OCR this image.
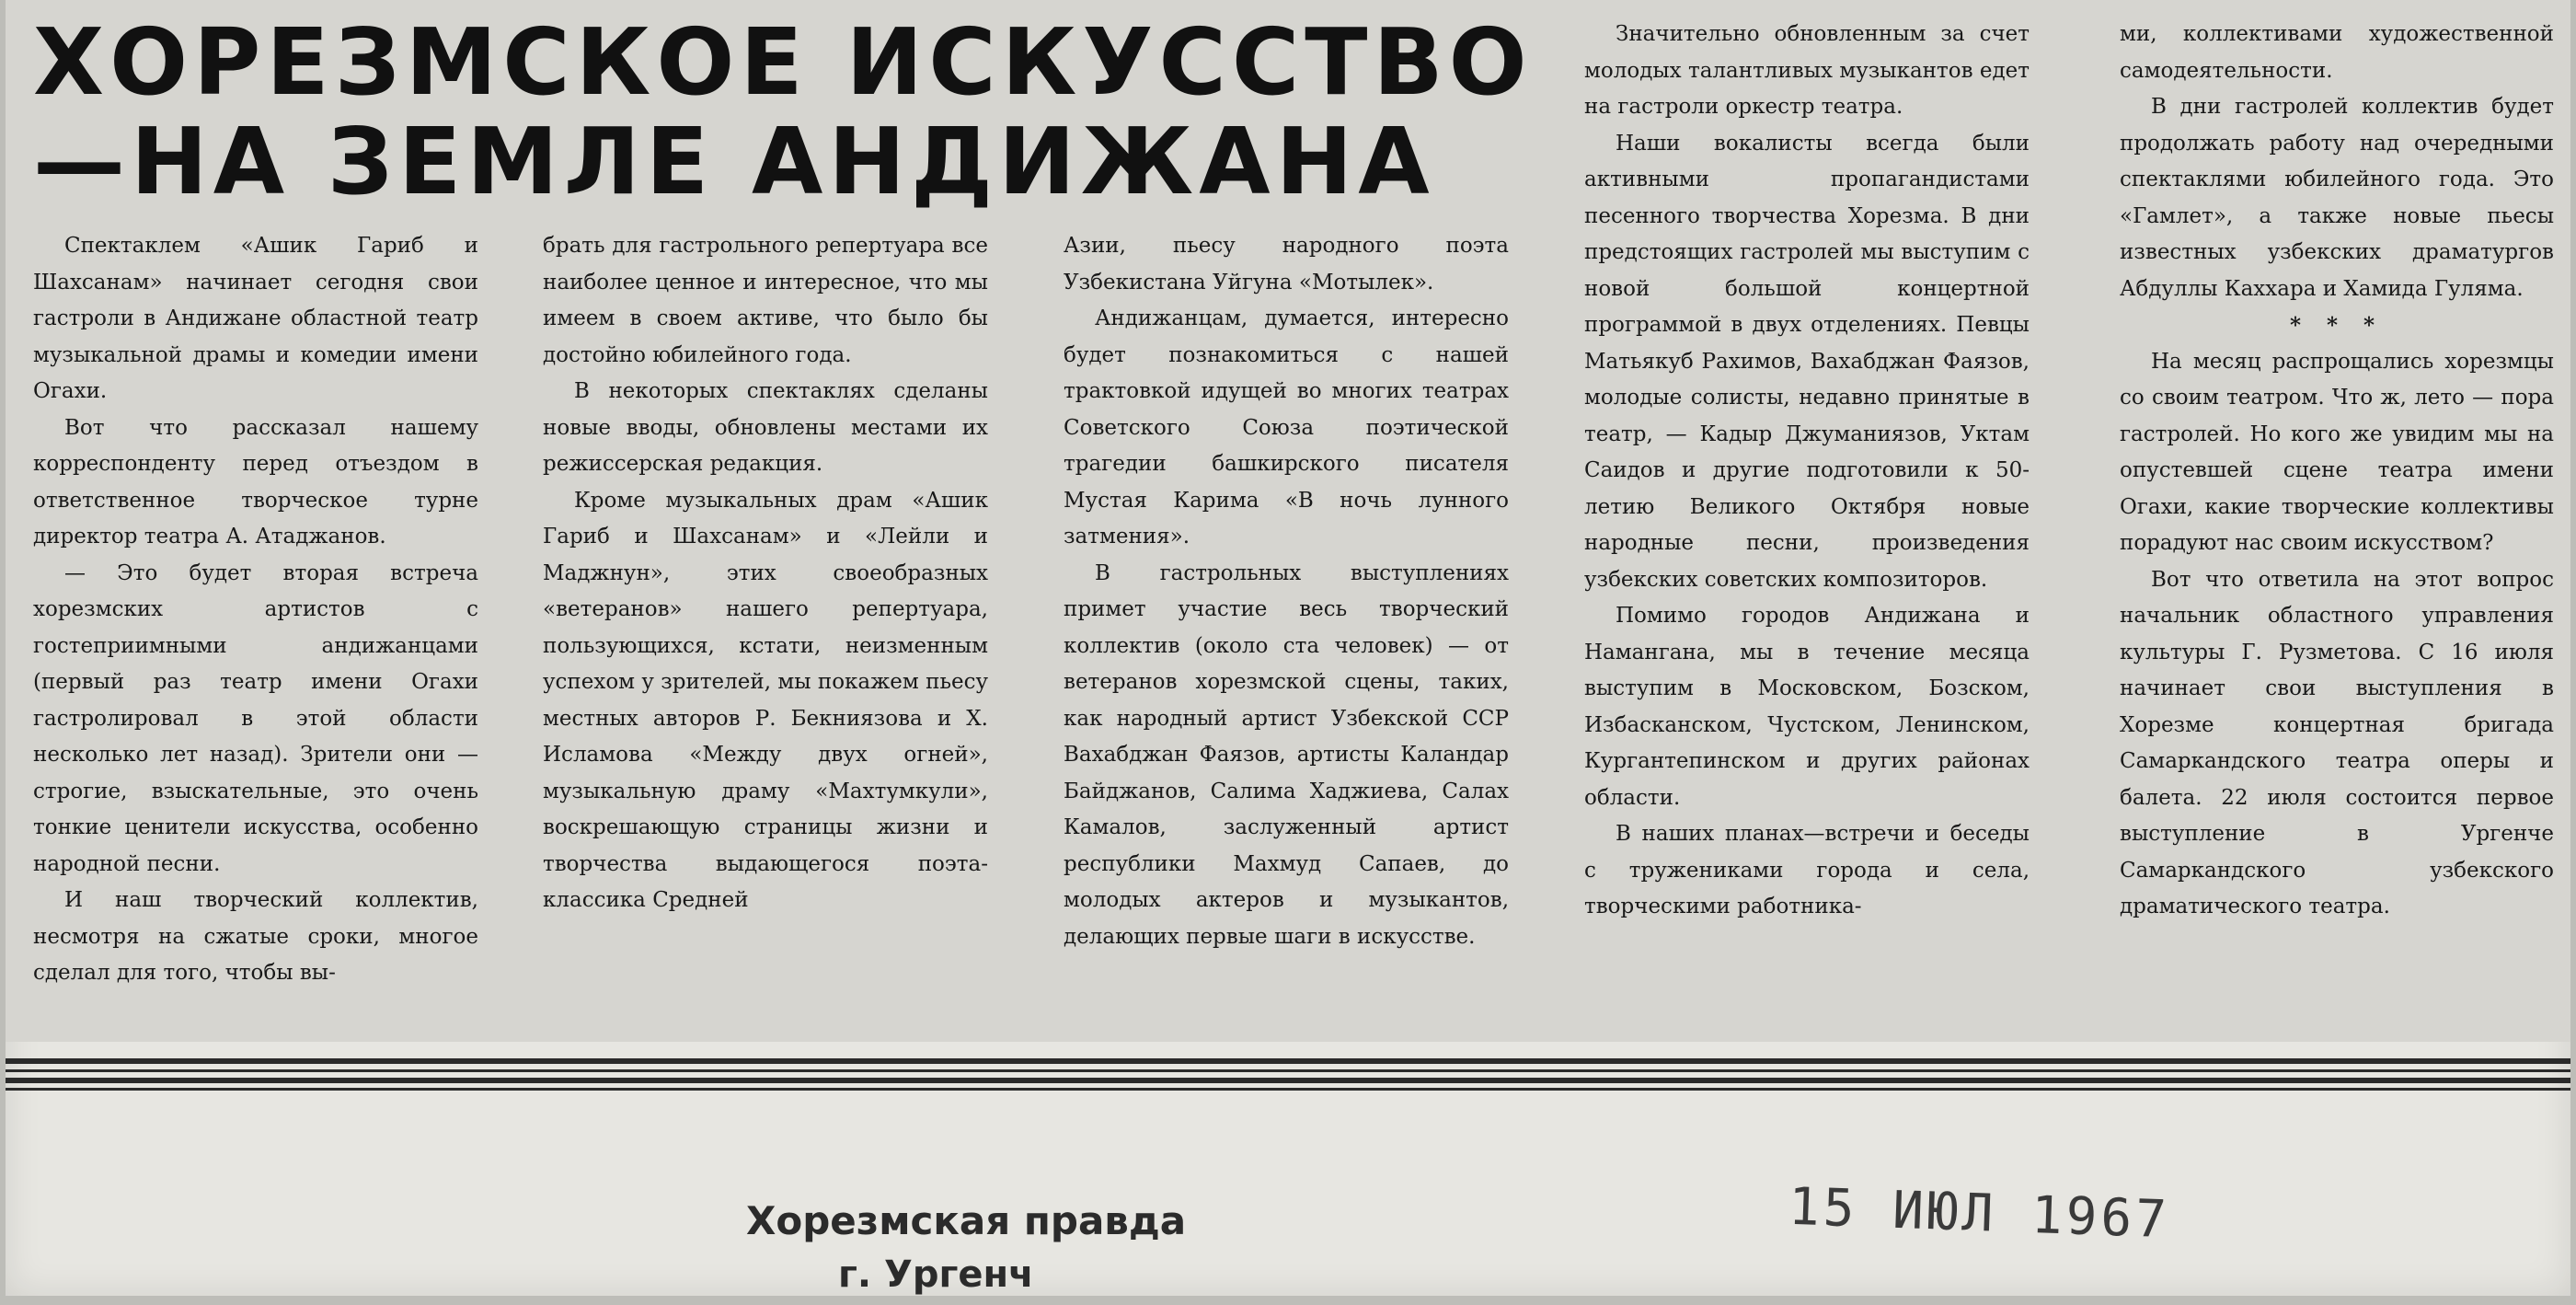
ХОРЕЗМСКОЕ ИСКУССТВО
—НА ЗЕМЛЕ АНДИЖАНА

Спектаклем «Ашик Гариб и Шахсанам» начинает сегодня свои гастроли в Андижане областной театр музыкальной драмы и комедии имени Огахи.

Вот что рассказал нашему корреспонденту перед отъездом в ответственное творческое турне директор театра А. Атаджанов.

— Это будет вторая встреча хорезмских артистов с гостеприимными андижанцами (первый раз театр имени Огахи гастролировал в этой области несколько лет назад). Зрители они — строгие, взыскательные, это очень тонкие ценители искусства, особенно народной песни.

И наш творческий коллектив, несмотря на сжатые сроки, многое сделал для того, чтобы вы-

брать для гастрольного репертуара все наиболее ценное и интересное, что мы имеем в своем активе, что было бы достойно юбилейного года.

В некоторых спектаклях сделаны новые вводы, обновлены местами их режиссерская редакция.

Кроме музыкальных драм «Ашик Гариб и Шахсанам» и «Лейли и Маджнун», этих своеобразных «ветеранов» нашего репертуара, пользующихся, кстати, неизменным успехом у зрителей, мы покажем пьесу местных авторов Р. Бекниязова и Х. Исламова «Между двух огней», музыкальную драму «Махтумкули», воскрешающую страницы жизни и творчества выдающегося поэта-классика Средней

Азии, пьесу народного поэта Узбекистана Уйгуна «Мотылек».

Андижанцам, думается, интересно будет познакомиться с нашей трактовкой идущей во многих театрах Советского Союза поэтической трагедии башкирского писателя Мустая Карима «В ночь лунного затмения».

В гастрольных выступлениях примет участие весь творческий коллектив (около ста человек) — от ветеранов хорезмской сцены, таких, как народный артист Узбекской ССР Вахабджан Фаязов, артисты Каландар Байджанов, Салима Хаджиева, Салах Камалов, заслуженный артист республики Махмуд Сапаев, до молодых актеров и музыкантов, делающих первые шаги в искусстве.

Значительно обновленным за счет молодых талантливых музыкантов едет на гастроли оркестр театра.

Наши вокалисты всегда были активными пропагандистами песенного творчества Хорезма. В дни предстоящих гастролей мы выступим с новой большой концертной программой в двух отделениях. Певцы Матьякуб Рахимов, Вахабджан Фаязов, молодые солисты, недавно принятые в театр, — Кадыр Джуманиязов, Уктам Саидов и другие подготовили к 50-летию Великого Октября новые народные песни, произведения узбекских советских композиторов.

Помимо городов Андижана и Намангана, мы в течение месяца выступим в Московском, Бозском, Избасканском, Чустском, Ленинском, Кургантепинском и других районах области.

В наших планах—встречи и беседы с тружениками города и села, творческими работника-

ми, коллективами художественной самодеятельности.

В дни гастролей коллектив будет продолжать работу над очередными спектаклями юбилейного года. Это «Гамлет», а также новые пьесы известных узбекских драматургов Абдуллы Каххара и Хамида Гуляма.

* * *

На месяц распрощались хорезмцы со своим театром. Что ж, лето — пора гастролей. Но кого же увидим мы на опустевшей сцене театра имени Огахи, какие творческие коллективы порадуют нас своим искусством?

Вот что ответила на этот вопрос начальник областного управления культуры Г. Рузметова. С 16 июля начинает свои выступления в Хорезме концертная бригада Самаркандского театра оперы и балета. 22 июля состоится первое выступление в Ургенче Самаркандского узбекского драматического театра.

Хорезмская правда
г. Ургенч
15 ИЮЛ 1967
